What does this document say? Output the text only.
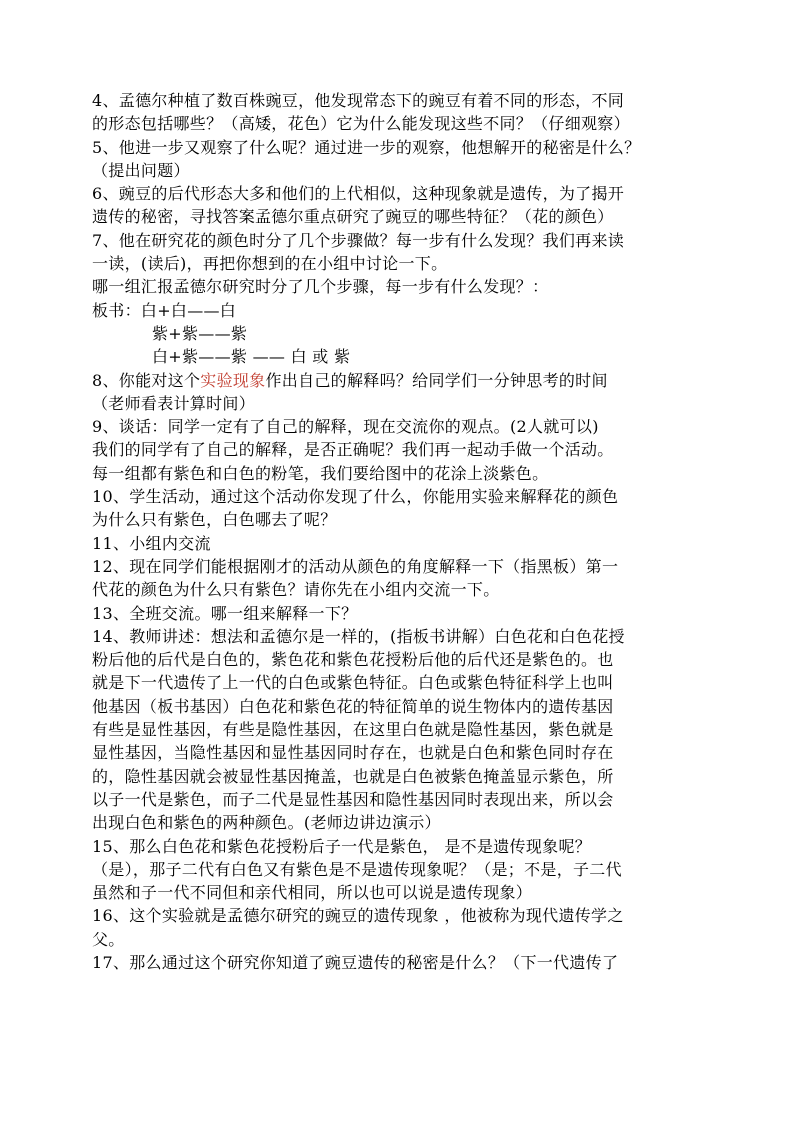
4、孟德尔种植了数百株豌豆，他发现常态下的豌豆有着不同的形态，不同
的形态包括哪些？（高矮，花色）它为什么能发现这些不同？（仔细观察）
5、他进一步又观察了什么呢？通过进一步的观察，他想解开的秘密是什么？
（提出问题）
6、豌豆的后代形态大多和他们的上代相似，这种现象就是遗传，为了揭开
遗传的秘密，寻找答案孟德尔重点研究了豌豆的哪些特征？（花的颜色）
7、他在研究花的颜色时分了几个步骤做？每一步有什么发现？我们再来读
一读，(读后)，再把你想到的在小组中讨论一下。
哪一组汇报孟德尔研究时分了几个步骤，每一步有什么发现？：
板书：白+白——白
紫+紫——紫
白+紫——紫 —— 白 或 紫
8、你能对这个实验现象作出自己的解释吗？给同学们一分钟思考的时间
（老师看表计算时间）
9、谈话：同学一定有了自己的解释，现在交流你的观点。(2人就可以)
我们的同学有了自己的解释，是否正确呢？我们再一起动手做一个活动。
每一组都有紫色和白色的粉笔，我们要给图中的花涂上淡紫色。
10、学生活动，通过这个活动你发现了什么，你能用实验来解释花的颜色
为什么只有紫色，白色哪去了呢？
11、小组内交流
12、现在同学们能根据刚才的活动从颜色的角度解释一下（指黑板）第一
代花的颜色为什么只有紫色？请你先在小组内交流一下。
13、全班交流。哪一组来解释一下？
14、教师讲述：想法和孟德尔是一样的，(指板书讲解）白色花和白色花授
粉后他的后代是白色的，紫色花和紫色花授粉后他的后代还是紫色的。也
就是下一代遗传了上一代的白色或紫色特征。白色或紫色特征科学上也叫
他基因（板书基因）白色花和紫色花的特征简单的说生物体内的遗传基因
有些是显性基因，有些是隐性基因，在这里白色就是隐性基因，紫色就是
显性基因，当隐性基因和显性基因同时存在，也就是白色和紫色同时存在
的，隐性基因就会被显性基因掩盖，也就是白色被紫色掩盖显示紫色，所
以子一代是紫色，而子二代是显性基因和隐性基因同时表现出来，所以会
出现白色和紫色的两种颜色。(老师边讲边演示）
15、那么白色花和紫色花授粉后子一代是紫色， 是不是遗传现象呢？
（是），那子二代有白色又有紫色是不是遗传现象呢？（是；不是，子二代
虽然和子一代不同但和亲代相同，所以也可以说是遗传现象）
16、这个实验就是孟德尔研究的豌豆的遗传现象 ，他被称为现代遗传学之
父。
17、那么通过这个研究你知道了豌豆遗传的秘密是什么？（下一代遗传了
